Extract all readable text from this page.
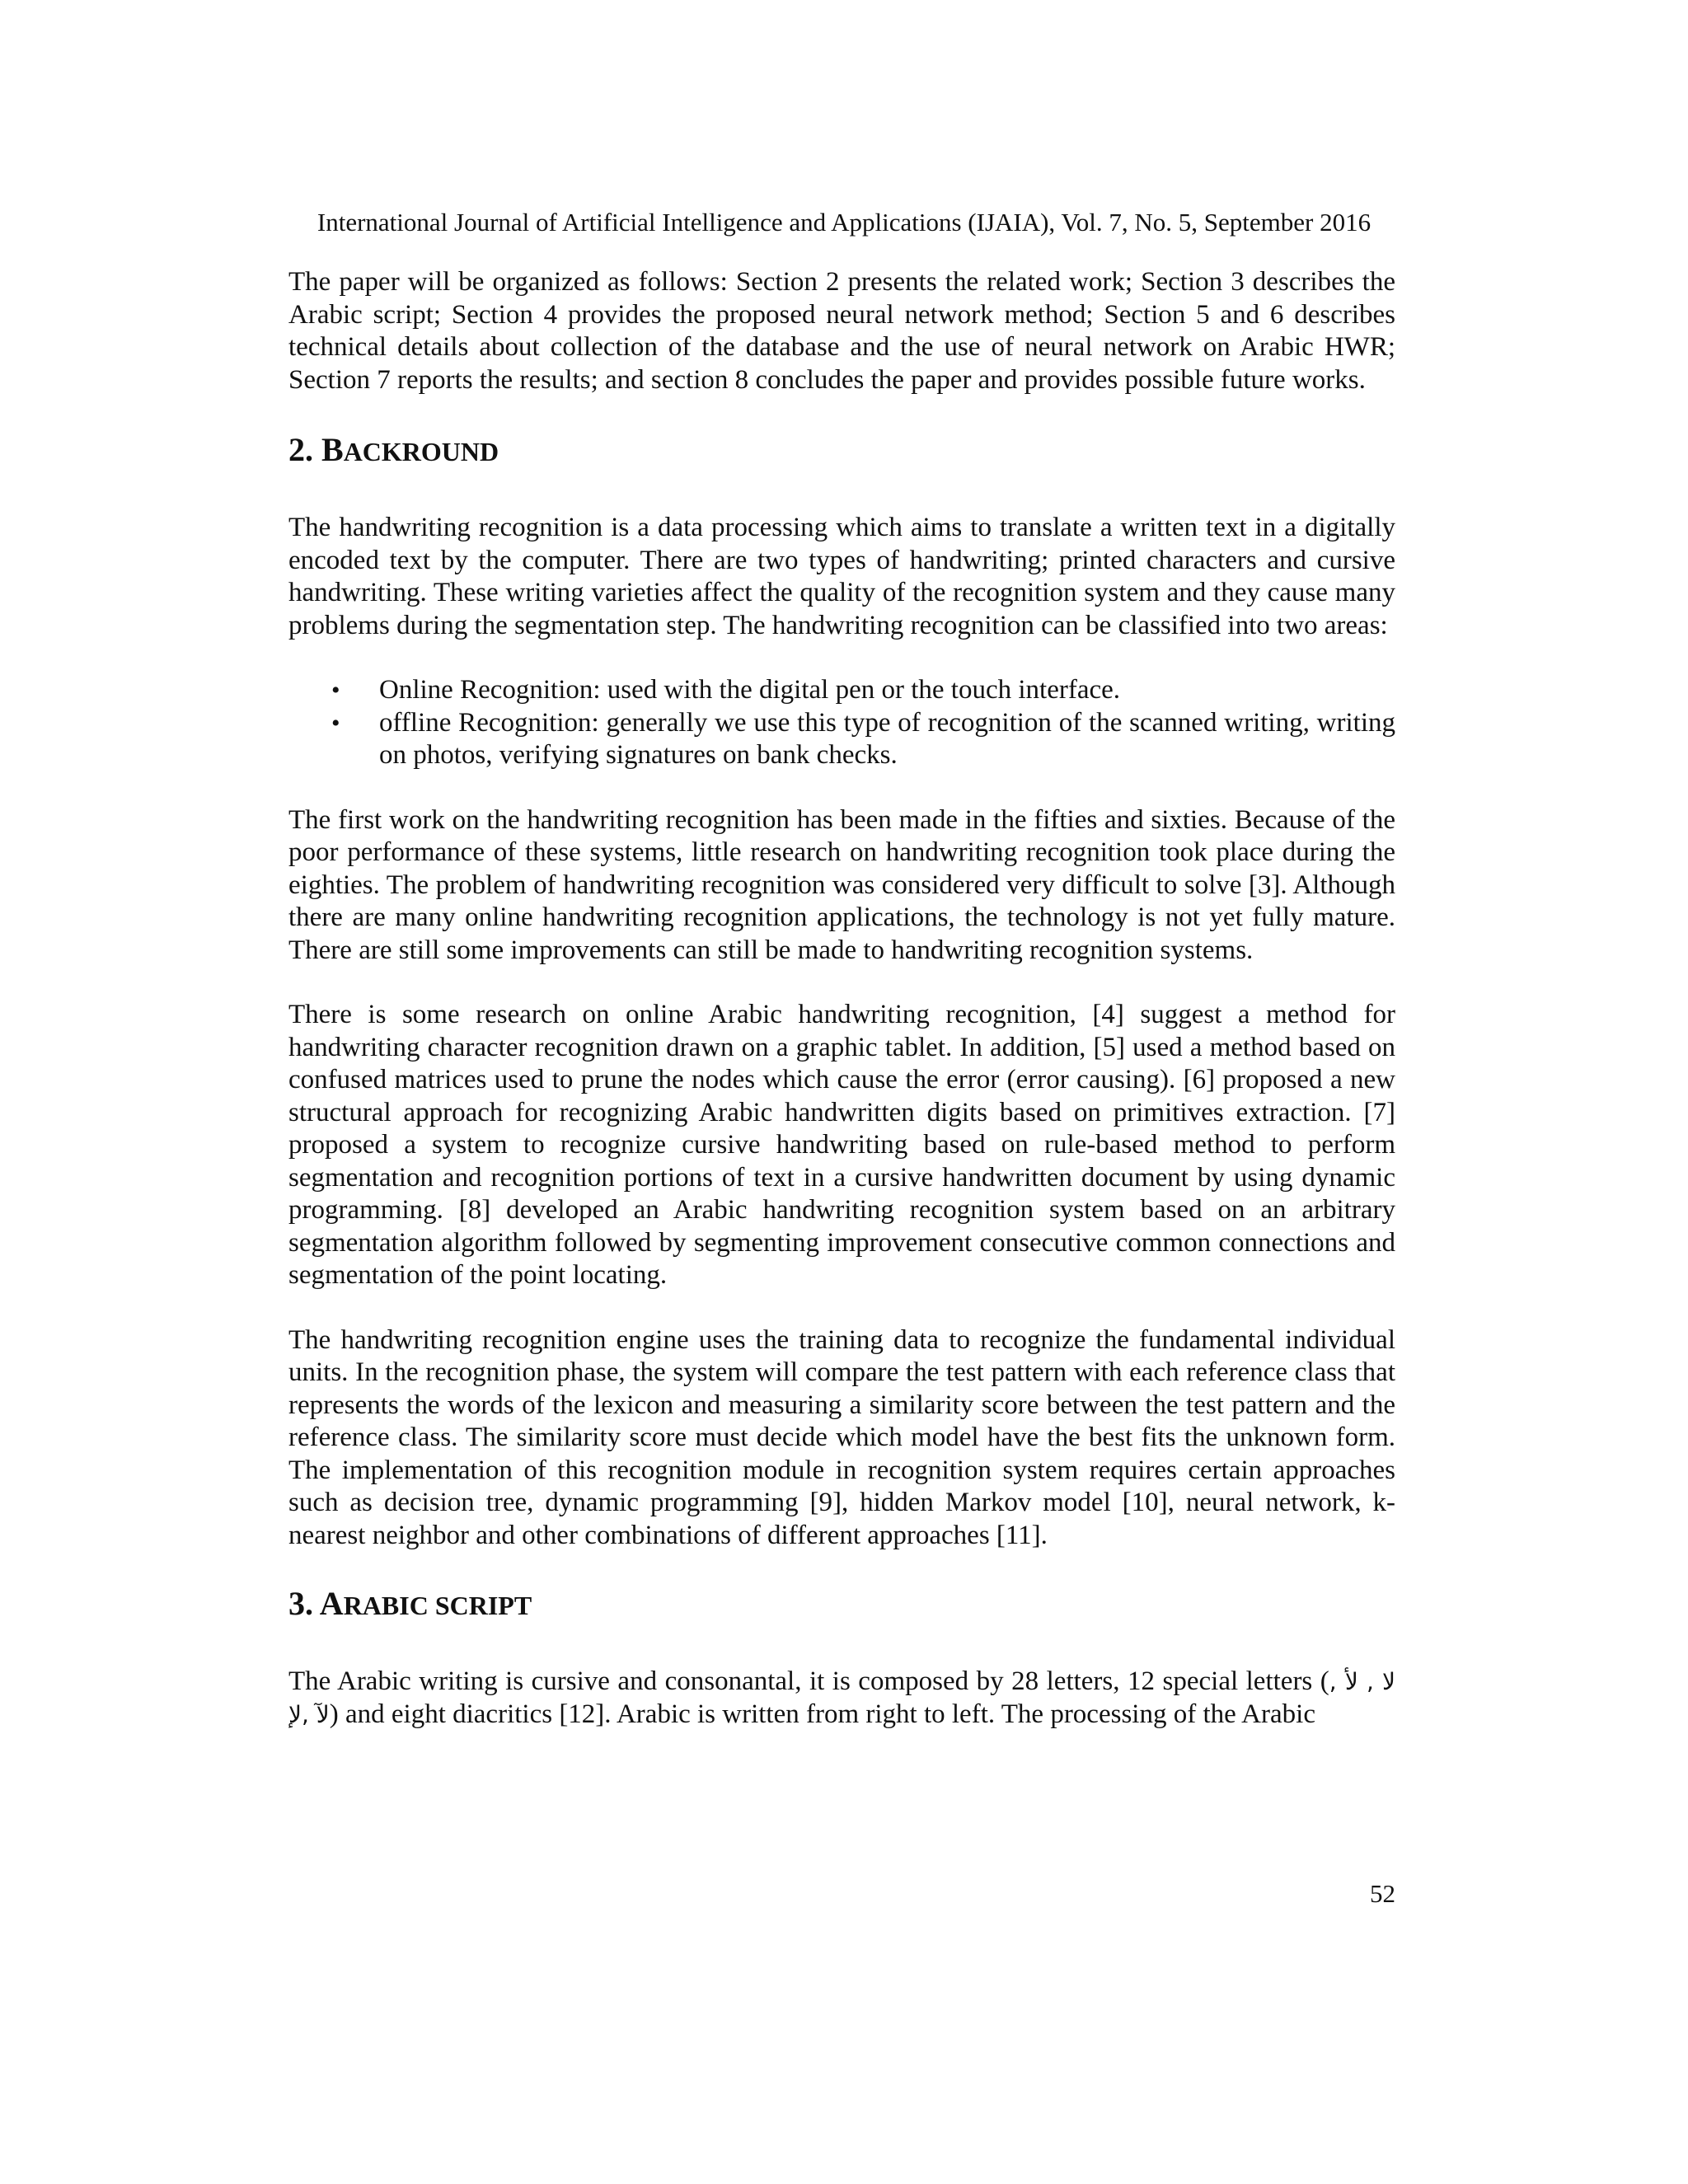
International Journal of Artificial Intelligence and Applications (IJAIA), Vol. 7, No. 5, September 2016

The paper will be organized as follows: Section 2 presents the related work; Section 3 describes the Arabic script; Section 4 provides the proposed neural network method; Section 5 and 6 describes technical details about collection of the database and the use of neural network on Arabic HWR; Section 7 reports the results; and section 8 concludes the paper and provides possible future works.

2. BACKROUND

The handwriting recognition is a data processing which aims to translate a written text in a digitally encoded text by the computer. There are two types of handwriting; printed characters and cursive handwriting. These writing varieties affect the quality of the recognition system and they cause many problems during the segmentation step. The handwriting recognition can be classified into two areas:

• Online Recognition: used with the digital pen or the touch interface.
• offline Recognition: generally we use this type of recognition of the scanned writing, writing on photos, verifying signatures on bank checks.

The first work on the handwriting recognition has been made in the fifties and sixties. Because of the poor performance of these systems, little research on handwriting recognition took place during the eighties. The problem of handwriting recognition was considered very difficult to solve [3]. Although there are many online handwriting recognition applications, the technology is not yet fully mature. There are still some improvements can still be made to handwriting recognition systems.

There is some research on online Arabic handwriting recognition, [4] suggest a method for handwriting character recognition drawn on a graphic tablet. In addition, [5] used a method based on confused matrices used to prune the nodes which cause the error (error causing). [6] proposed a new structural approach for recognizing Arabic handwritten digits based on primitives extraction. [7] proposed a system to recognize cursive handwriting based on rule-based method to perform segmentation and recognition portions of text in a cursive handwritten document by using dynamic programming. [8] developed an Arabic handwriting recognition system based on an arbitrary segmentation algorithm followed by segmenting improvement consecutive common connections and segmentation of the point locating.

The handwriting recognition engine uses the training data to recognize the fundamental individual units. In the recognition phase, the system will compare the test pattern with each reference class that represents the words of the lexicon and measuring a similarity score between the test pattern and the reference class. The similarity score must decide which model have the best fits the unknown form. The implementation of this recognition module in recognition system requires certain approaches such as decision tree, dynamic programming [9], hidden Markov model [10], neural network, k-nearest neighbor and other combinations of different approaches [11].

3. ARABIC SCRIPT

The Arabic writing is cursive and consonantal, it is composed by 28 letters, 12 special letters (ﻻ , ﻷ , ﻵ ,ﻹ) and eight diacritics [12]. Arabic is written from right to left. The processing of the Arabic

52
